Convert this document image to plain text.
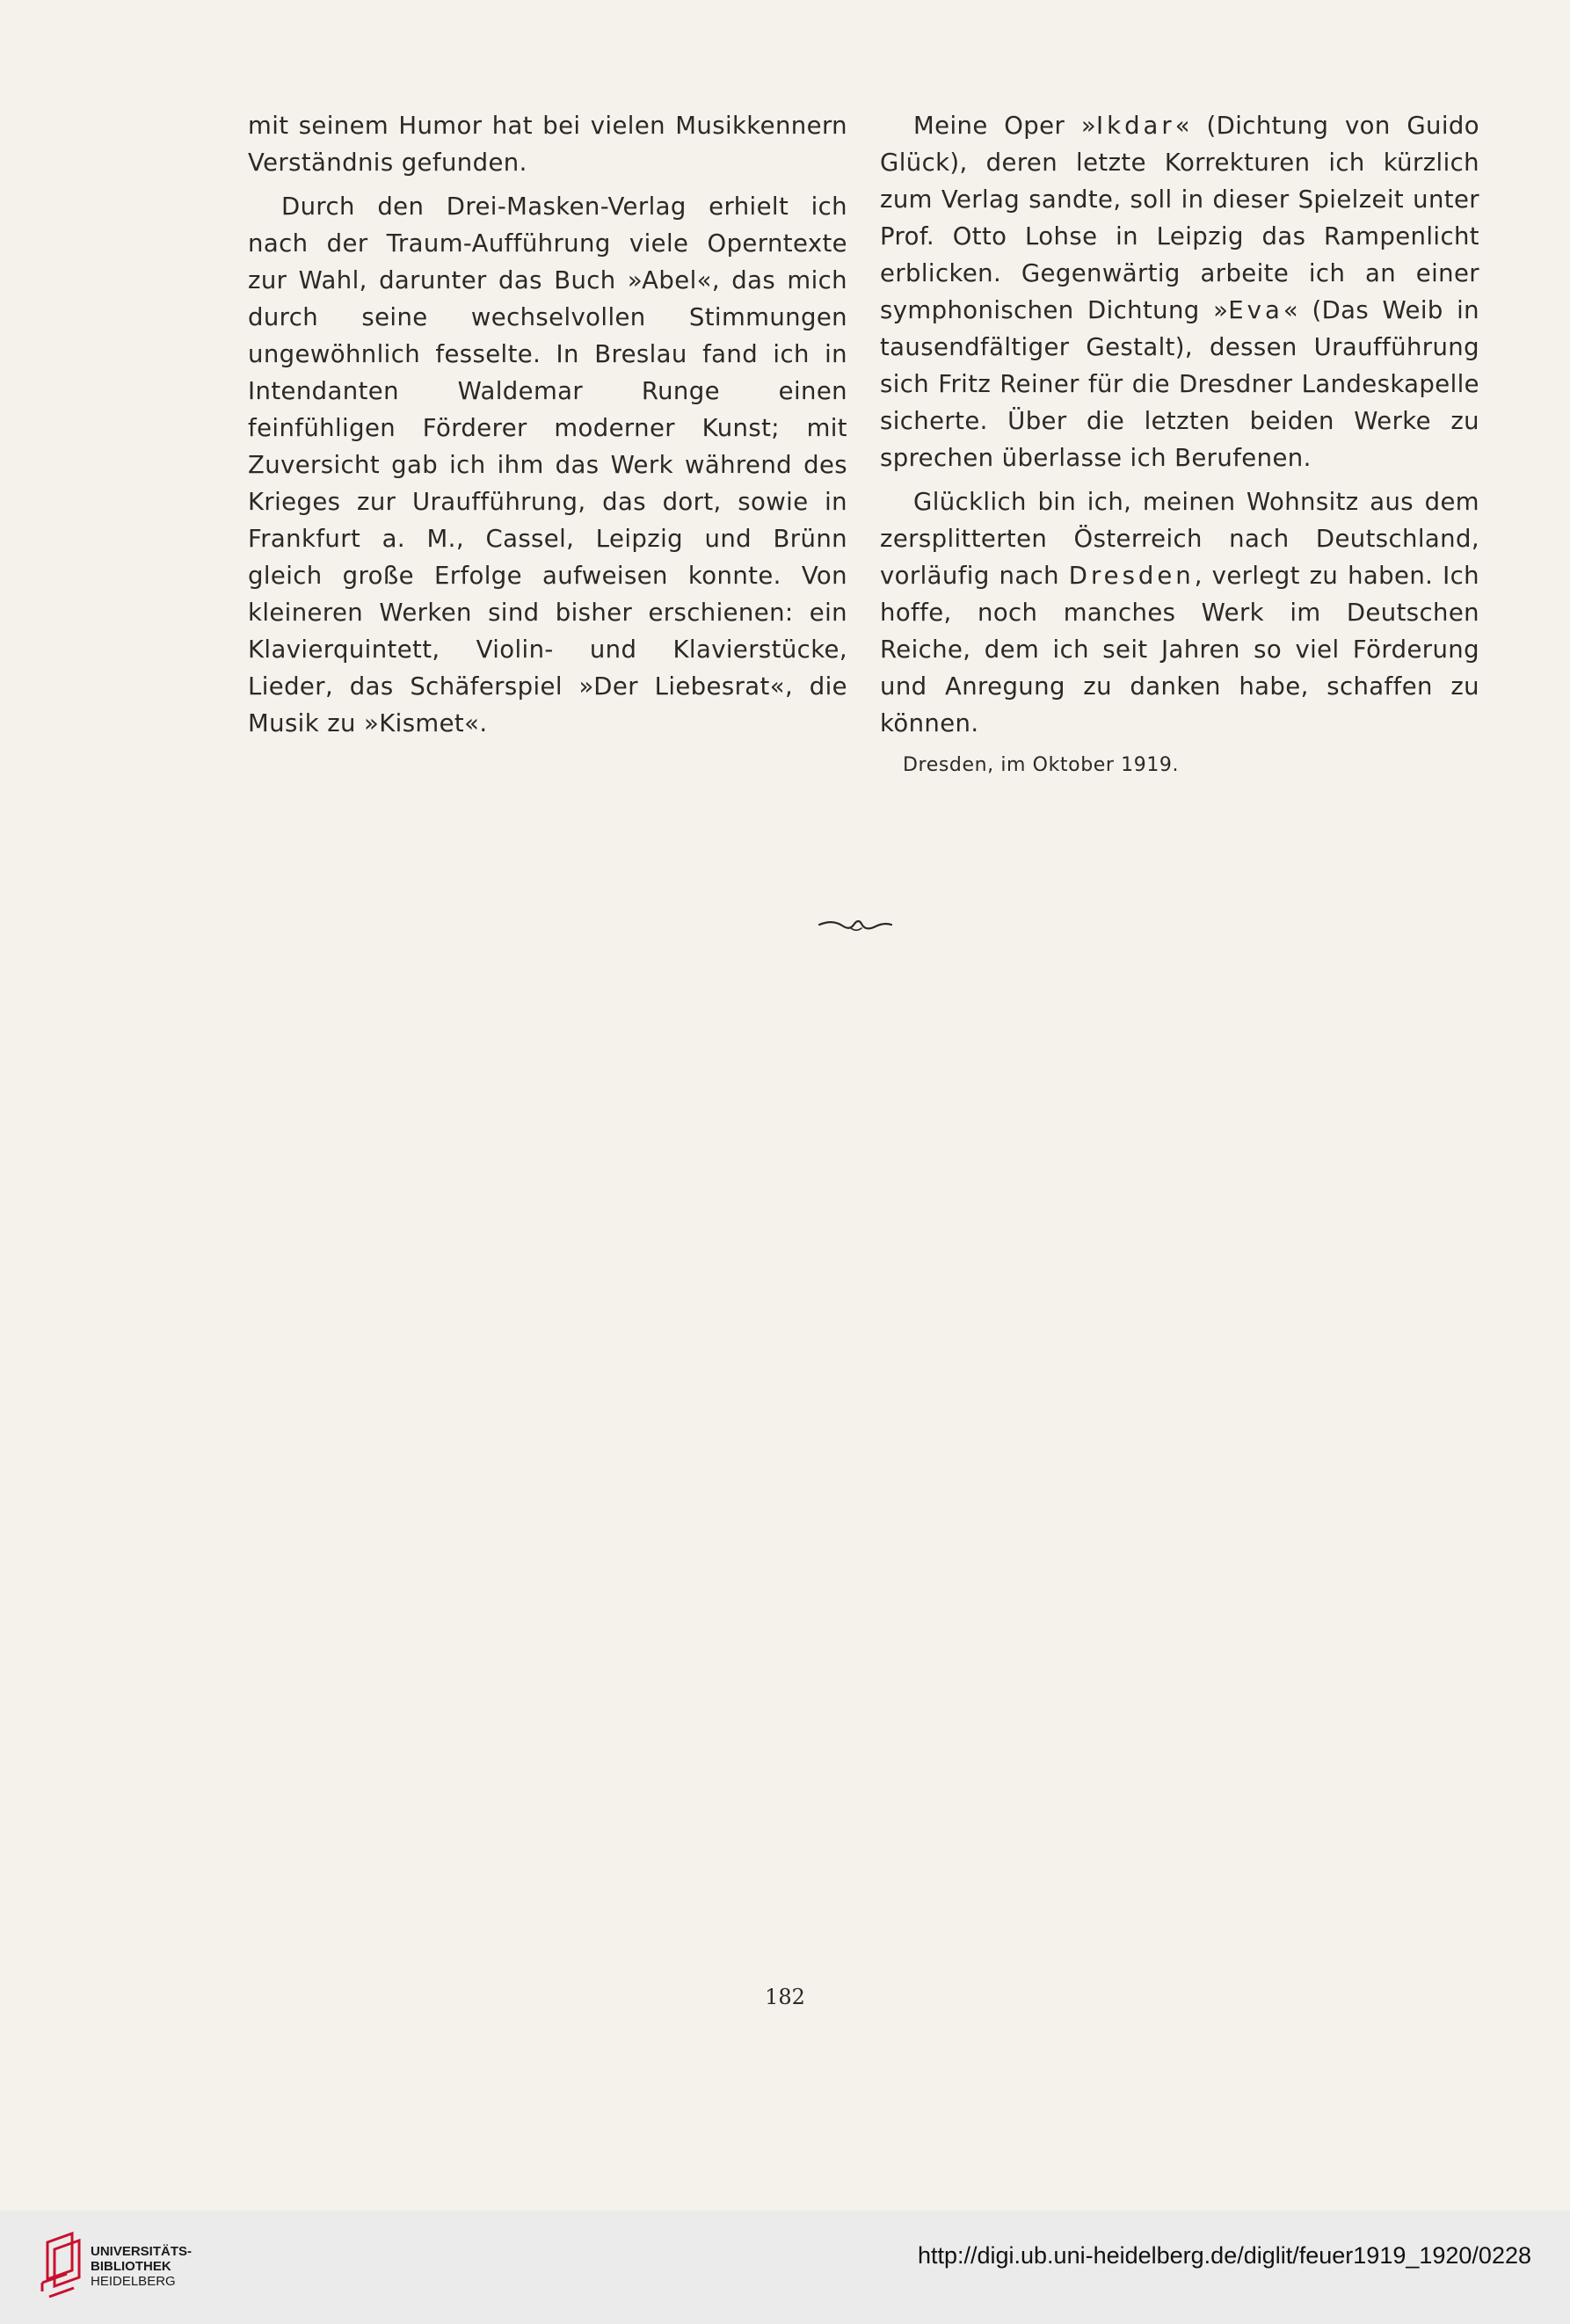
mit seinem Humor hat bei vielen Musikkennern Verständnis gefunden.

Durch den Drei-Masken-Verlag erhielt ich nach der Traum-Aufführung viele Operntexte zur Wahl, darunter das Buch »Abel«, das mich durch seine wechselvollen Stimmungen ungewöhnlich fesselte. In Breslau fand ich in Intendanten Waldemar Runge einen feinfühligen Förderer moderner Kunst; mit Zuversicht gab ich ihm das Werk während des Krieges zur Uraufführung, das dort, sowie in Frankfurt a. M., Cassel, Leipzig und Brünn gleich große Erfolge aufweisen konnte. Von kleineren Werken sind bisher erschienen: ein Klavierquintett, Violin- und Klavierstücke, Lieder, das Schäferspiel »Der Liebesrat«, die Musik zu »Kismet«.

Meine Oper »Ikdar« (Dichtung von Guido Glück), deren letzte Korrekturen ich kürzlich zum Verlag sandte, soll in dieser Spielzeit unter Prof. Otto Lohse in Leipzig das Rampenlicht erblicken. Gegenwärtig arbeite ich an einer symphonischen Dichtung »Eva« (Das Weib in tausendfältiger Gestalt), dessen Uraufführung sich Fritz Reiner für die Dresdner Landeskapelle sicherte. Über die letzten beiden Werke zu sprechen überlasse ich Berufenen.

Glücklich bin ich, meinen Wohnsitz aus dem zersplitterten Österreich nach Deutschland, vorläufig nach Dresden, verlegt zu haben. Ich hoffe, noch manches Werk im Deutschen Reiche, dem ich seit Jahren so viel Förderung und Anregung zu danken habe, schaffen zu können.

Dresden, im Oktober 1919.
182
UNIVERSITÄTS-
BIBLIOTHEK
HEIDELBERG
http://digi.ub.uni-heidelberg.de/diglit/feuer1919_1920/0228
